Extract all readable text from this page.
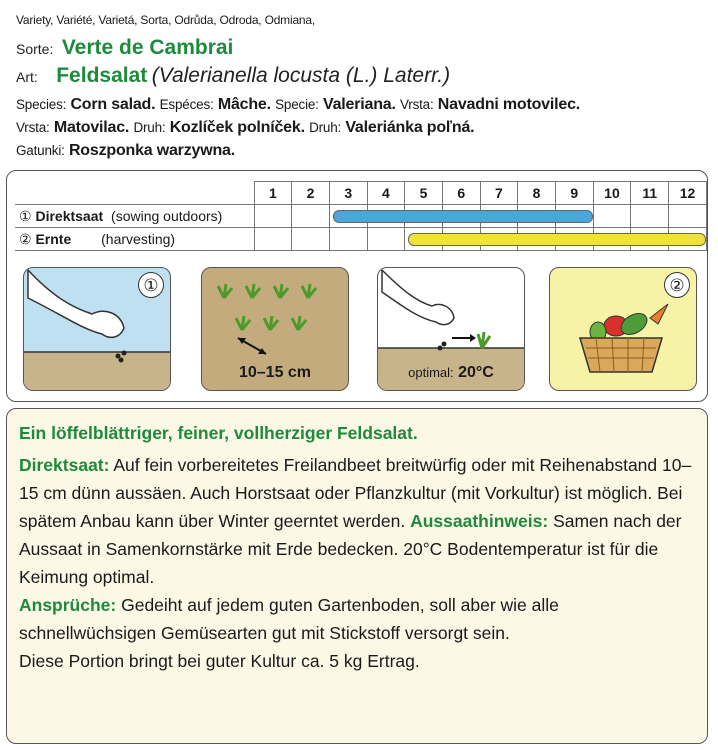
Variety, Variété, Varietá, Sorta, Odrůda, Odroda, Odmiana,
Sorte: Verte de Cambrai
Art: Feldsalat (Valerianella locusta (L.) Laterr.)
Species: Corn salad. Espéces: Mâche. Specie: Valeriana. Vrsta: Navadni motovilec.
Vrsta: Matovilac. Druh: Kozlíček polníček. Druh: Valeriánka poľná.
Gatunki: Roszponka warzywna.
	1	2	3	4	5	6	7	8	9	10	11	12
① Direktsaat (sowing outdoors)			

② Ernte (harvesting)					

①
10–15 cm	optimal: 20°C
②

Ein löffelblättriger, feiner, vollherziger Feldsalat.

Direktsaat: Auf fein vorbereitetes Freilandbeet breitwürfig oder mit Reihenabstand 10–15 cm dünn aussäen. Auch Horstsaat oder Pflanzkultur (mit Vorkultur) ist möglich. Bei spätem Anbau kann über Winter geerntet werden. Aussaathinweis: Samen nach der Aussaat in Samenkornstärke mit Erde bedecken. 20°C Bodentemperatur ist für die Keimung optimal.

Ansprüche: Gedeiht auf jedem guten Gartenboden, soll aber wie alle schnellwüchsigen Gemüsearten gut mit Stickstoff versorgt sein.

Diese Portion bringt bei guter Kultur ca. 5 kg Ertrag.
